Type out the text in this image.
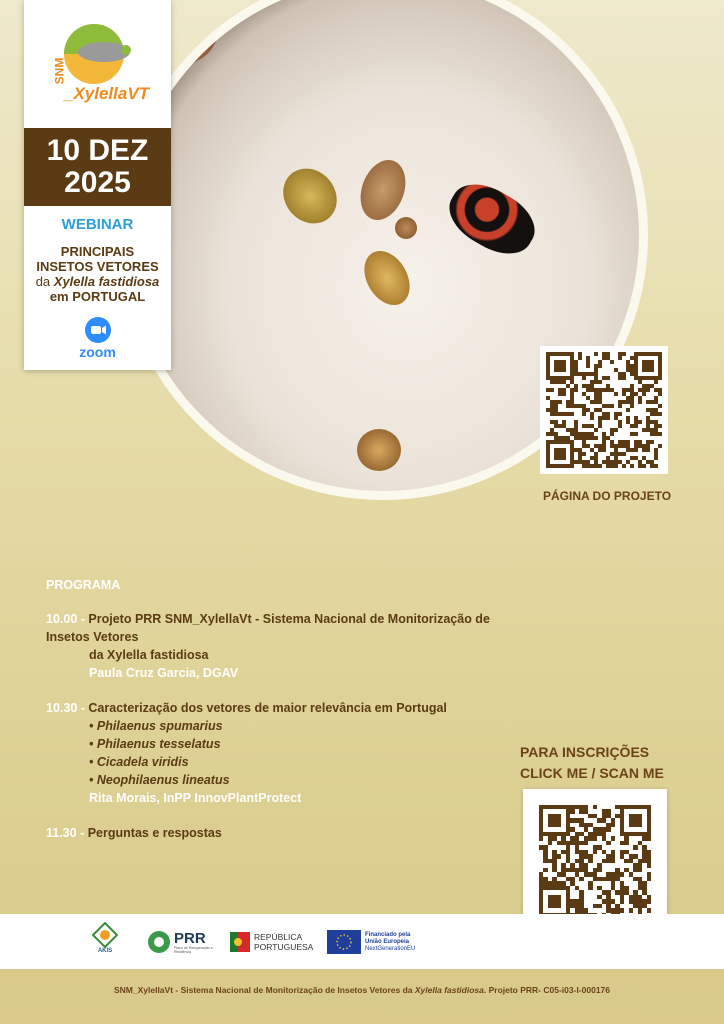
SNM
_XylellaVT
10 DEZ
2025
WEBINAR
PRINCIPAIS
INSETOS VETORES
da Xylella fastidiosa
em PORTUGAL
zoom
PÁGINA DO PROJETO
PROGRAMA
10.00 - Projeto PRR SNM_XylellaVt - Sistema Nacional de Monitorização de Insetos Vetores
da Xylella fastidiosa
Paula Cruz Garcia, DGAV
10.30 - Caracterização dos vetores de maior relevância em Portugal
• Philaenus spumarius
• Philaenus tesselatus
• Cicadela viridis
• Neophilaenus lineatus
Rita Morais, InPP InnovPlantProtect
11.30 - Perguntas e respostas
PARA INSCRIÇÕES
CLICK ME / SCAN ME
AKIS
PRR
Plano de Recuperação e Resiliência
REPÚBLICA
PORTUGUESA
Financiado pela
União Europeia
NextGenerationEU
SNM_XylellaVt - Sistema Nacional de Monitorização de Insetos Vetores da Xylella fastidiosa. Projeto PRR- C05-i03-I-000176
